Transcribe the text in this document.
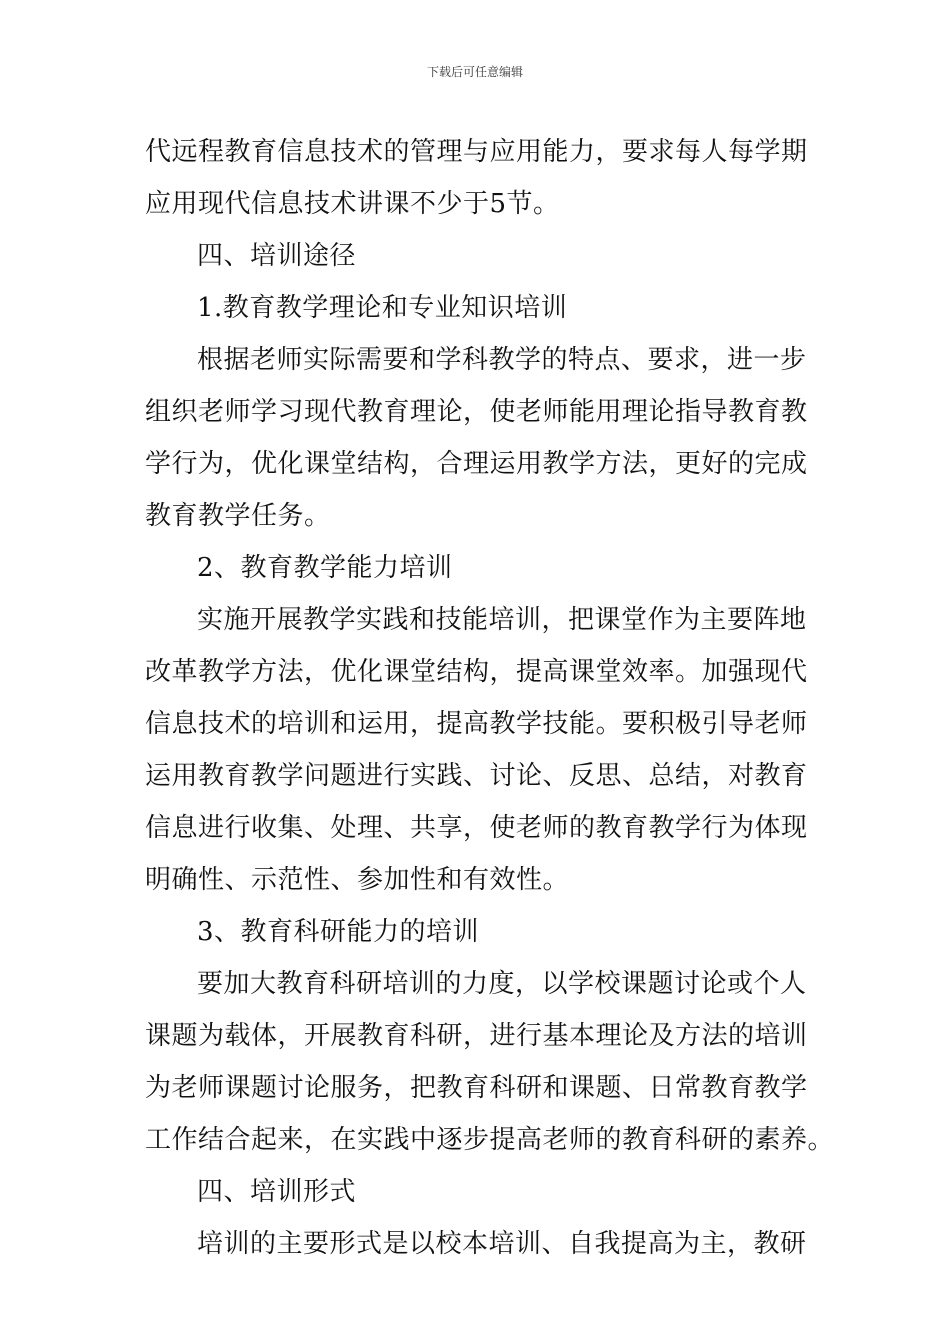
下载后可任意编辑
代远程教育信息技术的管理与应用能力，要求每人每学期
应用现代信息技术讲课不少于5节。
四、培训途径
1.教育教学理论和专业知识培训
根据老师实际需要和学科教学的特点、要求，进一步
组织老师学习现代教育理论，使老师能用理论指导教育教
学行为，优化课堂结构，合理运用教学方法，更好的完成
教育教学任务。
2、教育教学能力培训
实施开展教学实践和技能培训，把课堂作为主要阵地
改革教学方法，优化课堂结构，提高课堂效率。加强现代
信息技术的培训和运用，提高教学技能。要积极引导老师
运用教育教学问题进行实践、讨论、反思、总结，对教育
信息进行收集、处理、共享，使老师的教育教学行为体现
明确性、示范性、参加性和有效性。
3、教育科研能力的培训
要加大教育科研培训的力度，以学校课题讨论或个人
课题为载体，开展教育科研，进行基本理论及方法的培训
为老师课题讨论服务，把教育科研和课题、日常教育教学
工作结合起来，在实践中逐步提高老师的教育科研的素养。
四、培训形式
培训的主要形式是以校本培训、自我提高为主，教研
